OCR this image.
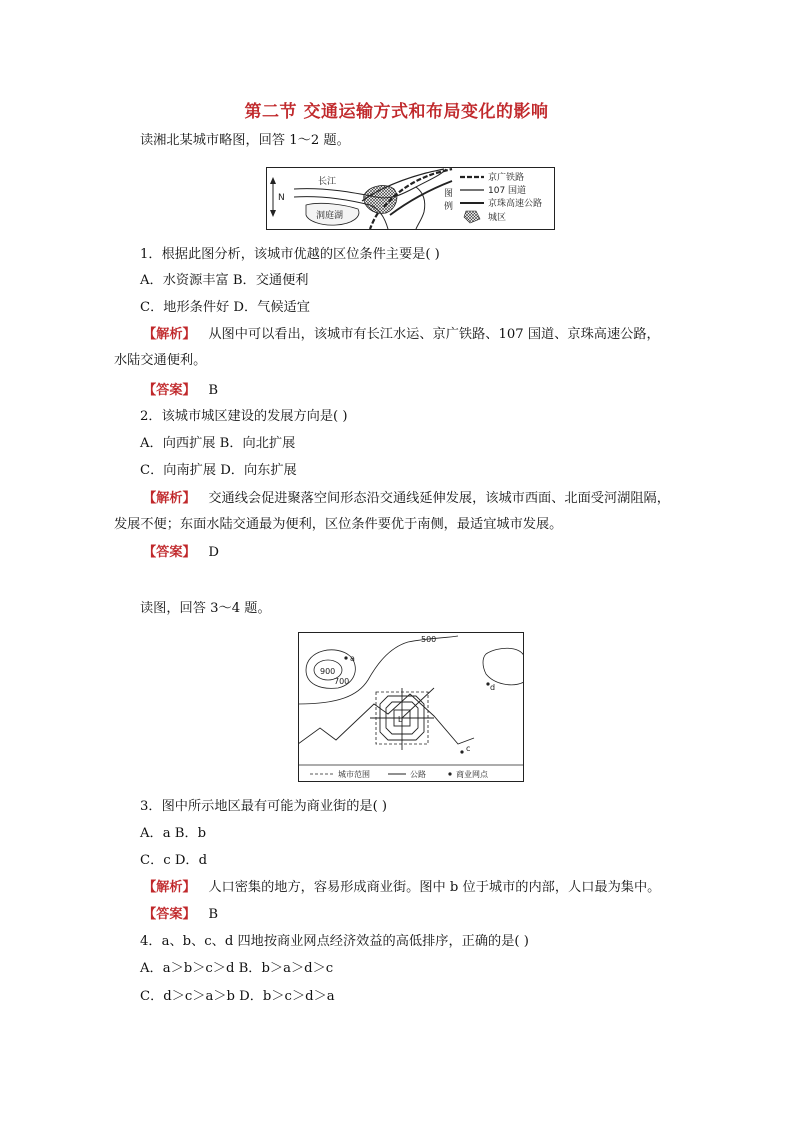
第二节 交通运输方式和布局变化的影响
读湘北某城市略图，回答 1～2 题。
N
长江
洞庭湖
图
例
京广铁路
107 国道
京珠高速公路
城区
1．根据此图分析，该城市优越的区位条件主要是( )
A．水资源丰富 B．交通便利
C．地形条件好 D．气候适宜
【解析】 从图中可以看出，该城市有长江水运、京广铁路、107 国道、京珠高速公路，
水陆交通便利。
【答案】 B
2．该城市城区建设的发展方向是( )
A．向西扩展 B．向北扩展
C．向南扩展 D．向东扩展
【解析】 交通线会促进聚落空间形态沿交通线延伸发展，该城市西面、北面受河湖阻隔，
发展不便；东面水陆交通最为便利，区位条件要优于南侧，最适宜城市发展。
【答案】 D
读图，回答 3～4 题。
900
700
500
a
b
c
d
城市范围	公路	商业网点
3．图中所示地区最有可能为商业街的是( )
A．a B．b
C．c D．d
【解析】 人口密集的地方，容易形成商业街。图中 b 位于城市的内部，人口最为集中。
【答案】 B
4．a、b、c、d 四地按商业网点经济效益的高低排序，正确的是( )
A．a＞b＞c＞d B．b＞a＞d＞c
C．d＞c＞a＞b D．b＞c＞d＞a
